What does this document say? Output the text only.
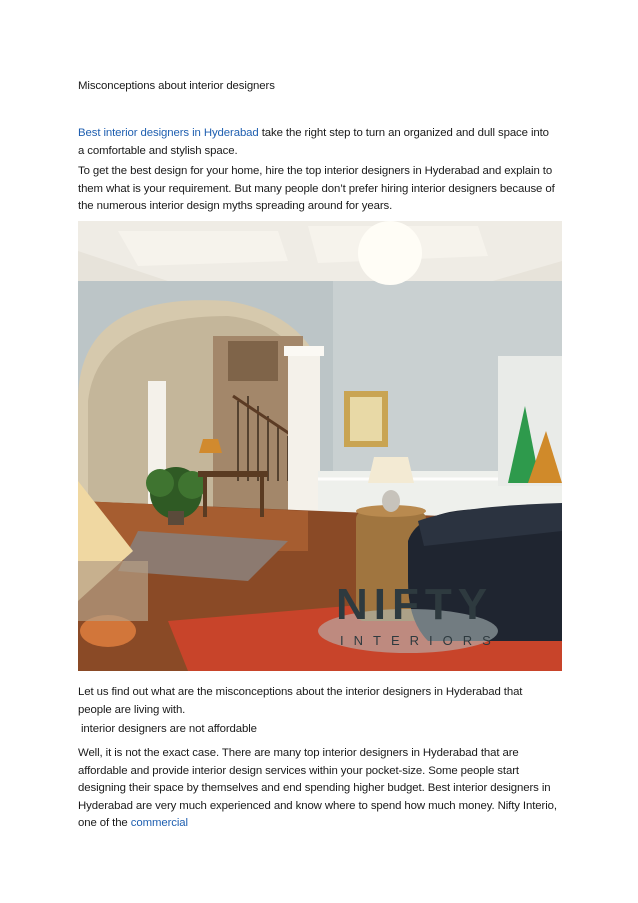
Misconceptions about interior designers

Best interior designers in Hyderabad take the right step to turn an organized and dull space into a comfortable and stylish space.

To get the best design for your home, hire the top interior designers in Hyderabad and explain to them what is your requirement. But many people don’t prefer hiring interior designers because of the numerous interior design myths spreading around for years.

NIFTY
INTERIORS

Let us find out what are the misconceptions about the interior designers in Hyderabad that people are living with.

interior designers are not affordable

Well, it is not the exact case. There are many top interior designers in Hyderabad that are affordable and provide interior design services within your pocket-size. Some people start designing their space by themselves and end spending higher budget. Best interior designers in Hyderabad are very much experienced and know where to spend how much money. Nifty Interio, one of the commercial
